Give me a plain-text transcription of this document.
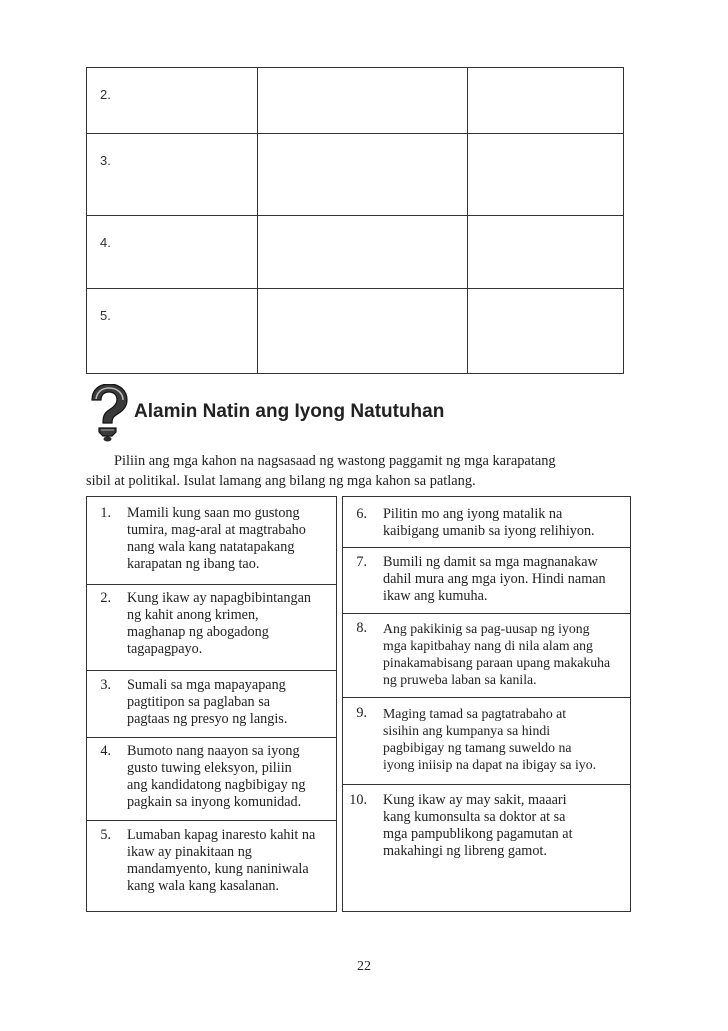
2.		
3.		
4.		
5.		
Alamin Natin ang Iyong Natutuhan

Piliin ang mga kahon na nagsasaad ng wastong paggamit ng mga karapatang

sibil at politikal. Isulat lamang ang bilang ng mga kahon sa patlang.

1. Mamili kung saan mo gustong
tumira, mag-aral at magtrabaho
nang wala kang natatapakang
karapatan ng ibang tao.
2. Kung ikaw ay napagbibintangan
ng kahit anong krimen,
maghanap ng abogadong
tagapagpayo.
3. Sumali sa mga mapayapang
pagtitipon sa paglaban sa
pagtaas ng presyo ng langis.
4. Bumoto nang naayon sa iyong
gusto tuwing eleksyon, piliin
ang kandidatong nagbibigay ng
pagkain sa inyong komunidad.
5. Lumaban kapag inaresto kahit na
ikaw ay pinakitaan ng
mandamyento, kung naniniwala
kang wala kang kasalanan.
6. Pilitin mo ang iyong matalik na
kaibigang umanib sa iyong relihiyon.
7. Bumili ng damit sa mga magnanakaw
dahil mura ang mga iyon. Hindi naman
ikaw ang kumuha.
8. Ang pakikinig sa pag-uusap ng iyong
mga kapitbahay nang di nila alam ang
pinakamabisang paraan upang makakuha
ng pruweba laban sa kanila.
9. Maging tamad sa pagtatrabaho at
sisihin ang kumpanya sa hindi
pagbibigay ng tamang suweldo na
iyong iniisip na dapat na ibigay sa iyo.
10. Kung ikaw ay may sakit, maaari
kang kumonsulta sa doktor at sa
mga pampublikong pagamutan at
makahingi ng libreng gamot.
22
